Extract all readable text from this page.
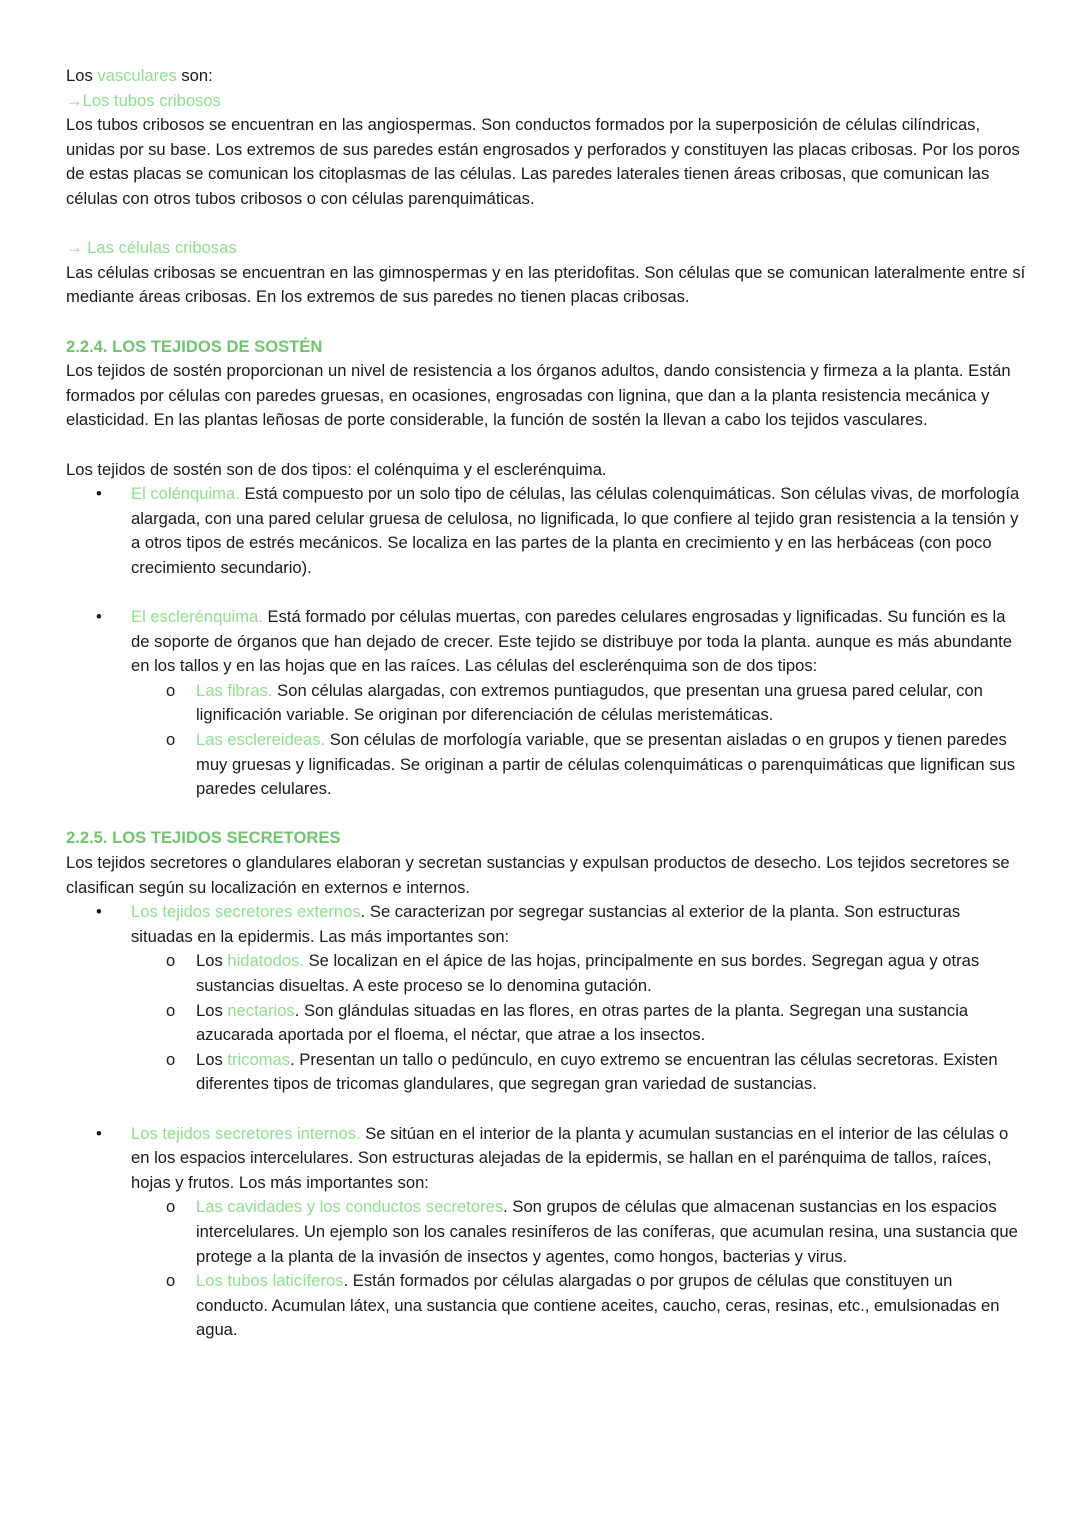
Los vasculares son:

→Los tubos cribosos

Los tubos cribosos se encuentran en las angiospermas. Son conductos formados por la superposición de células cilíndricas, unidas por su base. Los extremos de sus paredes están engrosados y perforados y constituyen las placas cribosas. Por los poros de estas placas se comunican los citoplasmas de las células. Las paredes laterales tienen áreas cribosas, que comunican las células con otros tubos cribosos o con células parenquimáticas.

→ Las células cribosas

Las células cribosas se encuentran en las gimnospermas y en las pteridofitas. Son células que se comunican lateralmente entre sí mediante áreas cribosas. En los extremos de sus paredes no tienen placas cribosas.

2.2.4. LOS TEJIDOS DE SOSTÉN

Los tejidos de sostén proporcionan un nivel de resistencia a los órganos adultos, dando consistencia y firmeza a la planta. Están formados por células con paredes gruesas, en ocasiones, engrosadas con lignina, que dan a la planta resistencia mecánica y elasticidad. En las plantas leñosas de porte considerable, la función de sostén la llevan a cabo los tejidos vasculares.

Los tejidos de sostén son de dos tipos: el colénquima y el esclerénquima.

• El colénquima. Está compuesto por un solo tipo de células, las células colenquimáticas. Son células vivas, de morfología alargada, con una pared celular gruesa de celulosa, no lignificada, lo que confiere al tejido gran resistencia a la tensión y a otros tipos de estrés mecánicos. Se localiza en las partes de la planta en crecimiento y en las herbáceas (con poco crecimiento secundario).
• El esclerénquima. Está formado por células muertas, con paredes celulares engrosadas y lignificadas. Su función es la de soporte de órganos que han dejado de crecer. Este tejido se distribuye por toda la planta. aunque es más abundante en los tallos y en las hojas que en las raíces. Las células del esclerénquima son de dos tipos:
o Las fibras. Son células alargadas, con extremos puntiagudos, que presentan una gruesa pared celular, con lignificación variable. Se originan por diferenciación de células meristemáticas.
o Las esclereideas. Son células de morfología variable, que se presentan aisladas o en grupos y tienen paredes muy gruesas y lignificadas. Se originan a partir de células colenquimáticas o parenquimáticas que lignifican sus paredes celulares.

2.2.5. LOS TEJIDOS SECRETORES

Los tejidos secretores o glandulares elaboran y secretan sustancias y expulsan productos de desecho. Los tejidos secretores se clasifican según su localización en externos e internos.

• Los tejidos secretores externos. Se caracterizan por segregar sustancias al exterior de la planta. Son estructuras situadas en la epidermis. Las más importantes son:
o Los hidatodos. Se localizan en el ápice de las hojas, principalmente en sus bordes. Segregan agua y otras sustancias disueltas. A este proceso se lo denomina gutación.
o Los nectarios. Son glándulas situadas en las flores, en otras partes de la planta. Segregan una sustancia azucarada aportada por el floema, el néctar, que atrae a los insectos.
o Los tricomas. Presentan un tallo o pedúnculo, en cuyo extremo se encuentran las células secretoras. Existen diferentes tipos de tricomas glandulares, que segregan gran variedad de sustancias.
• Los tejidos secretores internos. Se sitúan en el interior de la planta y acumulan sustancias en el interior de las células o en los espacios intercelulares. Son estructuras alejadas de la epidermis, se hallan en el parénquima de tallos, raíces, hojas y frutos. Los más importantes son:
o Las cavidades y los conductos secretores. Son grupos de células que almacenan sustancias en los espacios intercelulares. Un ejemplo son los canales resiníferos de las coníferas, que acumulan resina, una sustancia que protege a la planta de la invasión de insectos y agentes, como hongos, bacterias y virus.
o Los tubos laticíferos. Están formados por células alargadas o por grupos de células que constituyen un conducto. Acumulan látex, una sustancia que contiene aceites, caucho, ceras, resinas, etc., emulsionadas en agua.
